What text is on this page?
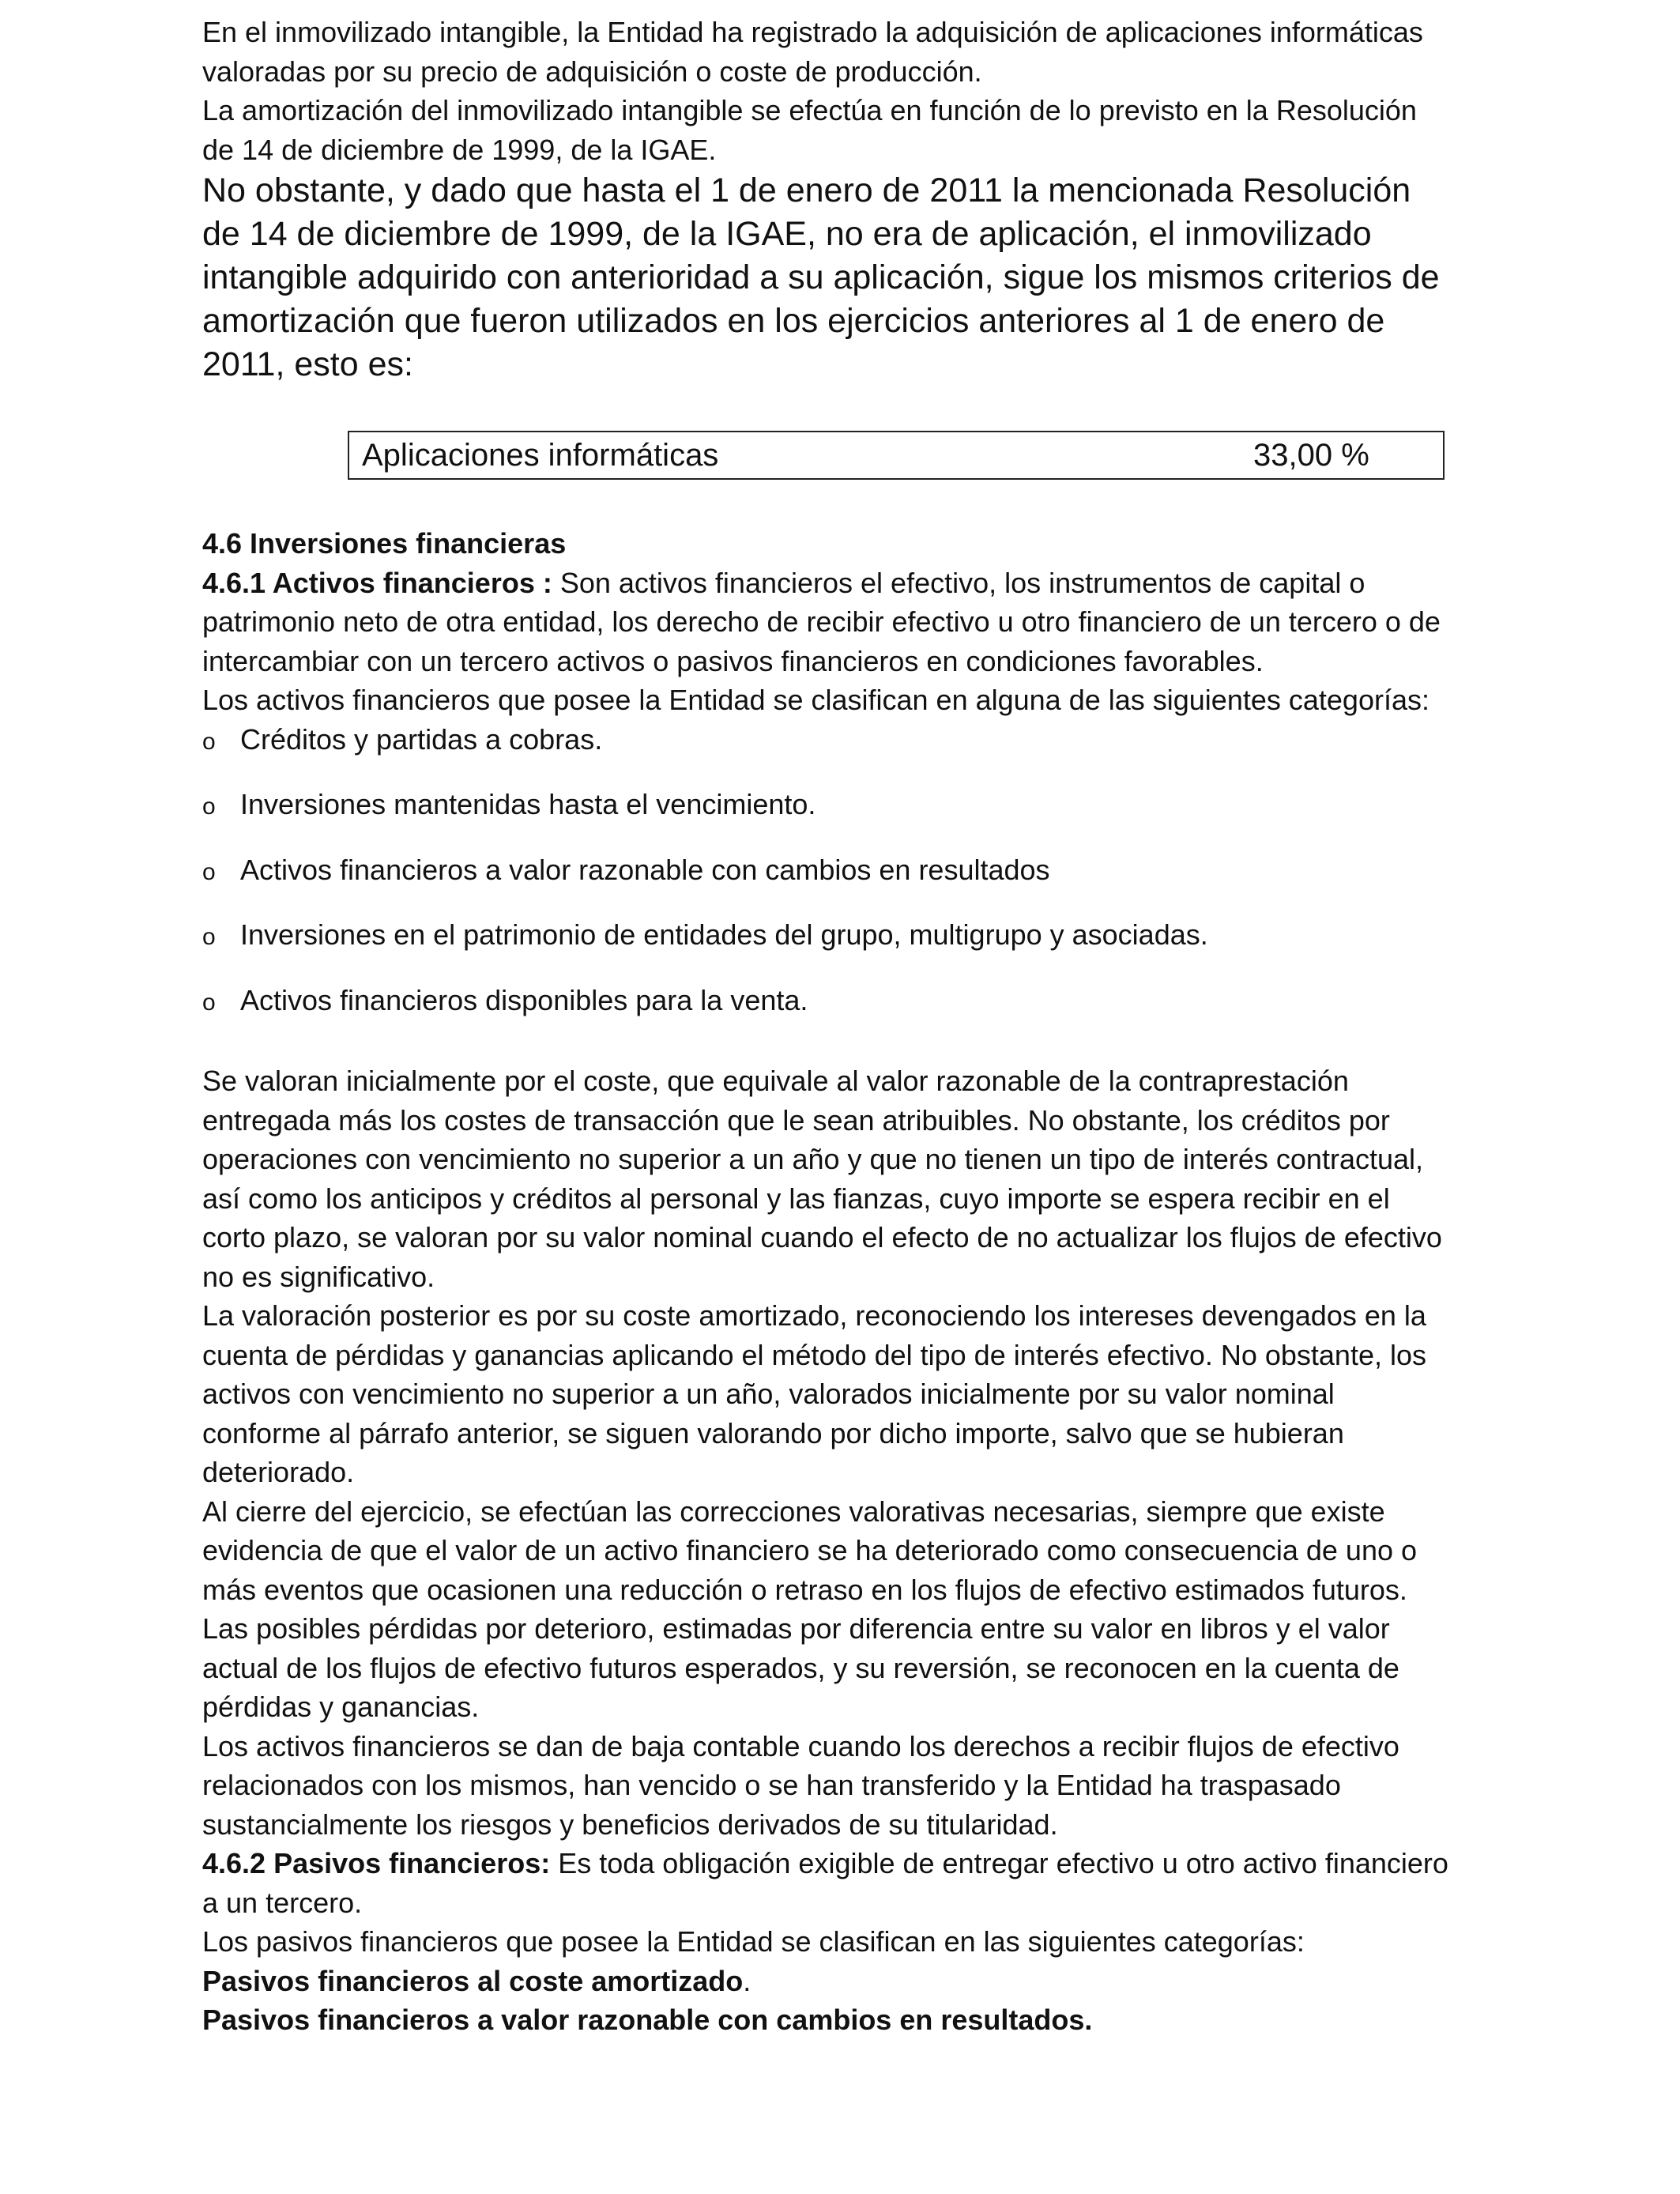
En el inmovilizado intangible, la Entidad ha registrado la adquisición de aplicaciones informáticas valoradas por su precio de adquisición o coste de producción.

La amortización del inmovilizado intangible se efectúa en función de lo previsto en la Resolución de 14 de diciembre de 1999, de la IGAE.

No obstante, y dado que hasta el 1 de enero de 2011 la mencionada Resolución de 14 de diciembre de 1999, de la IGAE, no era de aplicación, el inmovilizado intangible adquirido con anterioridad a su aplicación, sigue los mismos criterios de amortización que fueron utilizados en los ejercicios anteriores al 1 de enero de 2011, esto es:

Aplicaciones informáticas	33,00 %

4.6 Inversiones financieras

4.6.1 Activos financieros : Son activos financieros el efectivo, los instrumentos de capital o patrimonio neto de otra entidad, los derecho de recibir efectivo u otro financiero de un tercero o de intercambiar con un tercero activos o pasivos financieros en condiciones favorables.

Los activos financieros que posee la Entidad se clasifican en alguna de las siguientes categorías:

o Créditos y partidas a cobras.
o Inversiones mantenidas hasta el vencimiento.
o Activos financieros a valor razonable con cambios en resultados
o Inversiones en el patrimonio de entidades del grupo, multigrupo y asociadas.
o Activos financieros disponibles para la venta.

Se valoran inicialmente por el coste, que equivale al valor razonable de la contraprestación entregada más los costes de transacción que le sean atribuibles. No obstante, los créditos por operaciones con vencimiento no superior a un año y que no tienen un tipo de interés contractual, así como los anticipos y créditos al personal y las fianzas, cuyo importe se espera recibir en el corto plazo, se valoran por su valor nominal cuando el efecto de no actualizar los flujos de efectivo no es significativo.

La valoración posterior es por su coste amortizado, reconociendo los intereses devengados en la cuenta de pérdidas y ganancias aplicando el método del tipo de interés efectivo. No obstante, los activos con vencimiento no superior a un año, valorados inicialmente por su valor nominal conforme al párrafo anterior, se siguen valorando por dicho importe, salvo que se hubieran deteriorado.

Al cierre del ejercicio, se efectúan las correcciones valorativas necesarias, siempre que existe evidencia de que el valor de un activo financiero se ha deteriorado como consecuencia de uno o más eventos que ocasionen una reducción o retraso en los flujos de efectivo estimados futuros. Las posibles pérdidas por deterioro, estimadas por diferencia entre su valor en libros y el valor actual de los flujos de efectivo futuros esperados, y su reversión, se reconocen en la cuenta de pérdidas y ganancias.

Los activos financieros se dan de baja contable cuando los derechos a recibir flujos de efectivo relacionados con los mismos, han vencido o se han transferido y la Entidad ha traspasado sustancialmente los riesgos y beneficios derivados de su titularidad.

4.6.2 Pasivos financieros: Es toda obligación exigible de entregar efectivo u otro activo financiero a un tercero.

Los pasivos financieros que posee la Entidad se clasifican en las siguientes categorías:

Pasivos financieros al coste amortizado.

Pasivos financieros a valor razonable con cambios en resultados.
